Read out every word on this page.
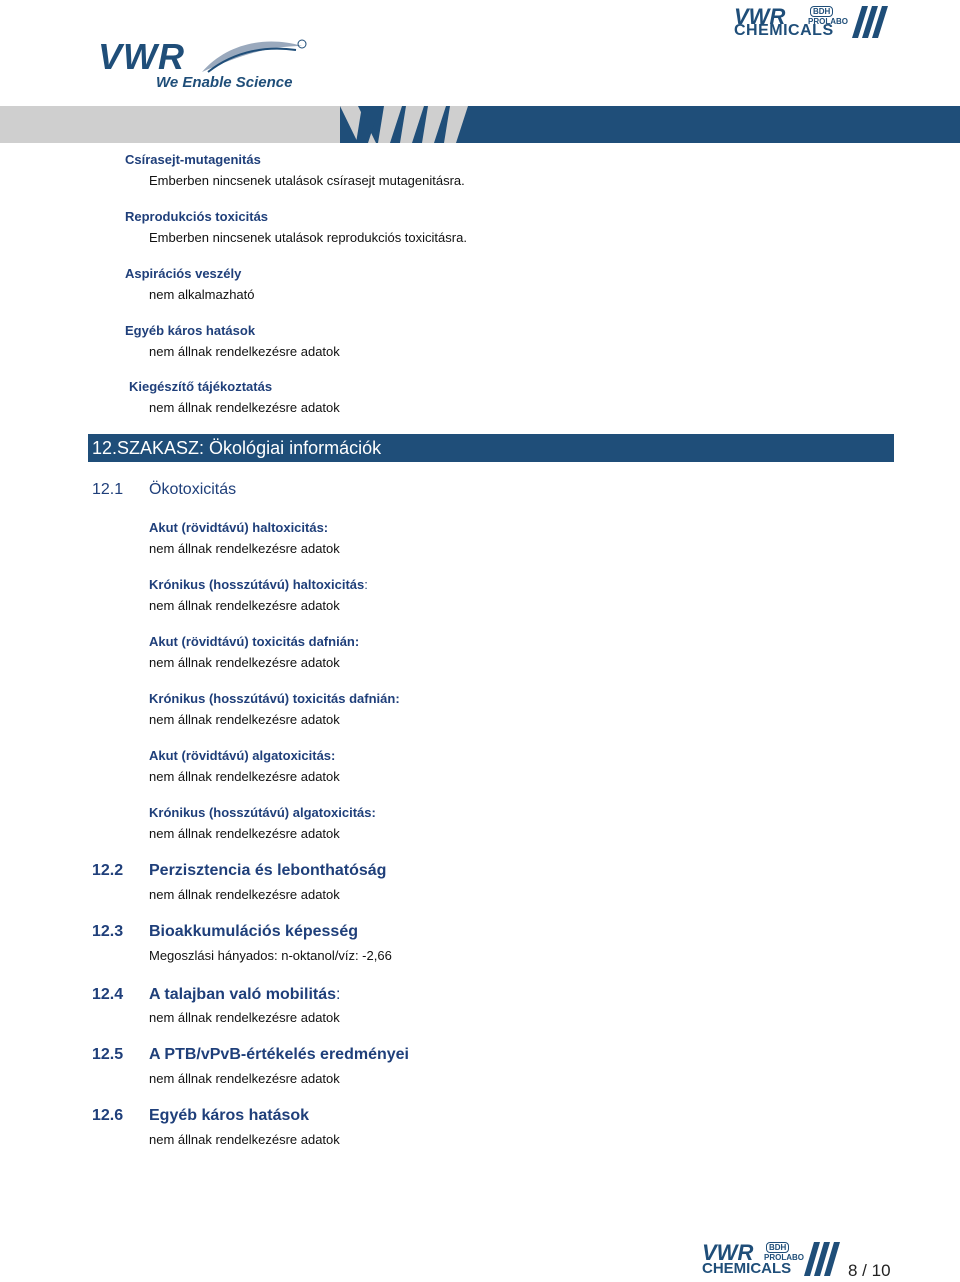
VWR
We Enable Science
VWR	BDH
PROLABO
CHEMICALS
Csírasejt-mutagenitás
Emberben nincsenek utalások csírasejt mutagenitásra.
Reprodukciós toxicitás
Emberben nincsenek utalások reprodukciós toxicitásra.
Aspirációs veszély
nem alkalmazható
Egyéb káros hatások
nem állnak rendelkezésre adatok
Kiegészítő tájékoztatás
nem állnak rendelkezésre adatok
12.SZAKASZ: Ökológiai információk
12.1 Ökotoxicitás
Akut (rövidtávú) haltoxicitás:
nem állnak rendelkezésre adatok
Krónikus (hosszútávú) haltoxicitás:
nem állnak rendelkezésre adatok
Akut (rövidtávú) toxicitás dafnián:
nem állnak rendelkezésre adatok
Krónikus (hosszútávú) toxicitás dafnián:
nem állnak rendelkezésre adatok
Akut (rövidtávú) algatoxicitás:
nem állnak rendelkezésre adatok
Krónikus (hosszútávú) algatoxicitás:
nem állnak rendelkezésre adatok
12.2 Perzisztencia és lebonthatóság
nem állnak rendelkezésre adatok
12.3 Bioakkumulációs képesség
Megoszlási hányados: n-oktanol/víz: -2,66
12.4 A talajban való mobilitás:
nem állnak rendelkezésre adatok
12.5 A PTB/vPvB-értékelés eredményei
nem állnak rendelkezésre adatok
12.6 Egyéb káros hatások
nem állnak rendelkezésre adatok
VWR	BDH
PROLABO
CHEMICALS	8 / 10
